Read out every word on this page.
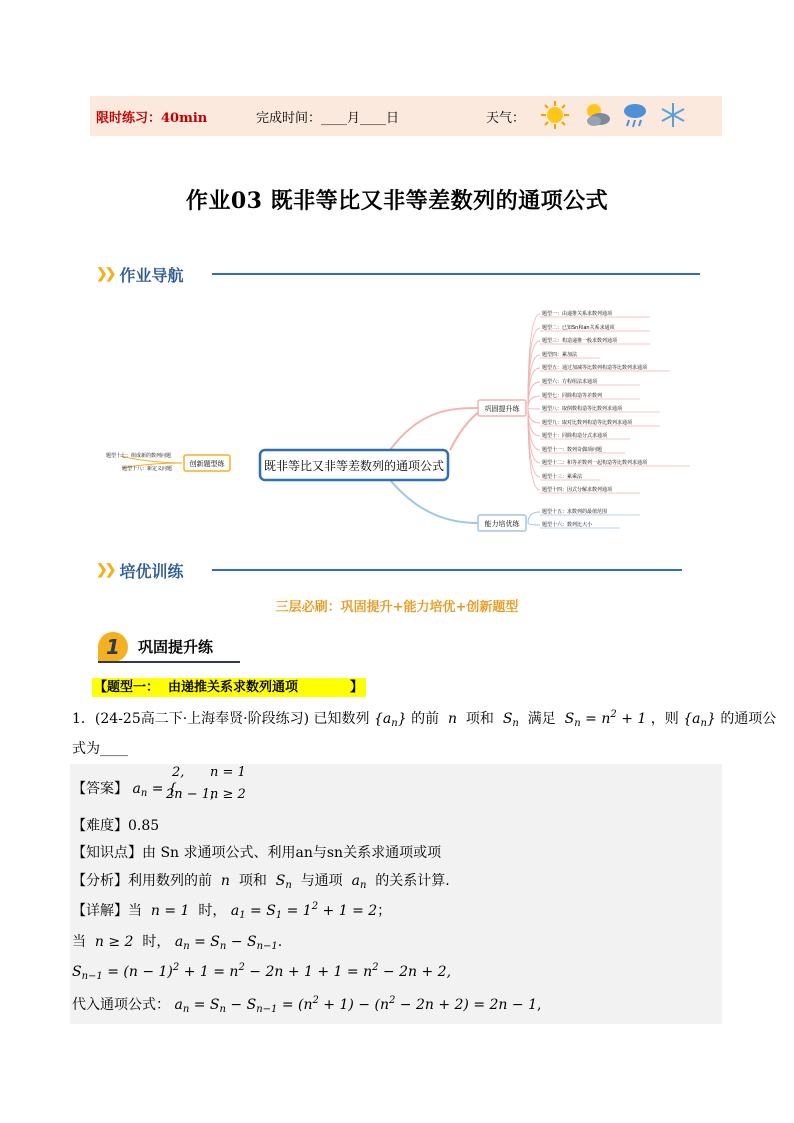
限时练习：40min	完成时间：____月____日	天气：
作业03 既非等比又非等差数列的通项公式
❯❯ 作业导航
既非等比又非等差数列的通项公式
创新题型练
题型十七：组成新的数列问题
题型十八：新定义问题
巩固提升练
题型一：由递推关系求数列通项
题型二：已知Sn和an关系求通项
题型三：构造递推一般求数列通项
题型四：累加法
题型五：通过加减等比数列构造等比数列求通项
题型六：方程组法求通项
题型七：同除构造等差数列
题型八：取倒数构造等比数列求通项
题型九：取对比数列构造等比数列求通项
题型十：同除构造分式求通项
题型十一：数列奇偶项问题
题型十二：和等差数列一起构造等比数列求通项
题型十三：累乘法
题型十四：因式分解求数列通项
能力培优练
题型十五：求数列的最值范围
题型十六：数列比大小
❯❯ 培优训练
三层必刷：巩固提升+能力培优+创新题型
1	巩固提升练
【题型一： 由递推关系求数列通项	】
1．(24-25高二下·上海奉贤·阶段练习) 已知数列 $\{a_n\}$ 的前  n  项和  $S_n$ 满足  $S_n = n^2 + 1$ ，则 $\{a_n\}$ 的通项公
式为____
【答案】 $a_n$ = {
2, n = 1
2n − 1,
n ≥ 2
【难度】0.85
【知识点】由 Sn 求通项公式、利用an与sn关系求通项或项
【分析】利用数列的前  n  项和  $S_n$ 与通项  $a_n$ 的关系计算.
【详解】当  n = 1  时， $a_1 = S_1 = 1^2 + 1 = 2$；
当  n ≥ 2  时， $a_n = S_n - S_{n-1}$.
$S_{n-1} = (n - 1)^2 + 1 = n^2 - 2n + 1 + 1 = n^2 - 2n + 2$,
代入通项公式： $a_n = S_n - S_{n-1} = (n^2 + 1) - (n^2 - 2n + 2) = 2n - 1$,
